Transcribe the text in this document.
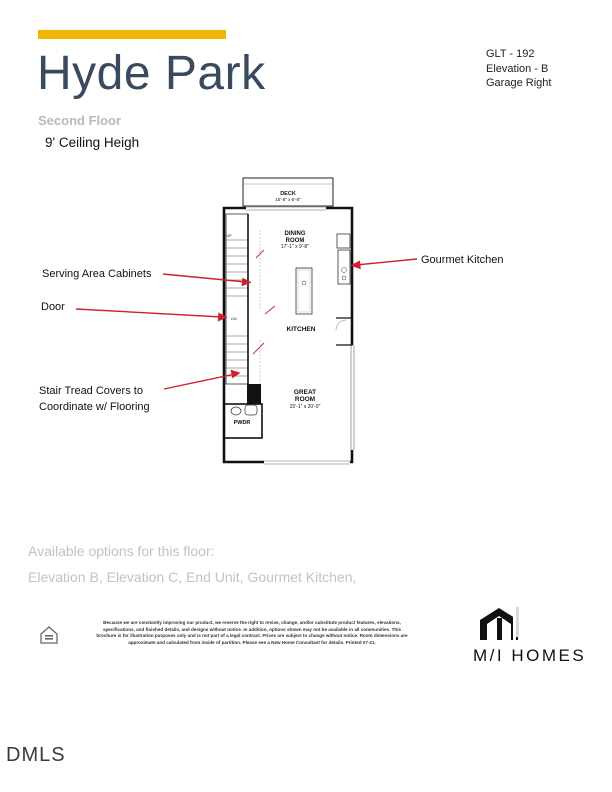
Hyde Park	GLT - 192
Elevation - B
Garage Right
Second Floor
9' Ceiling Heigh
Serving Area Cabinets
Door
Stair Tread Covers to
Coordinate w/ Flooring
Gourmet Kitchen
DECK
15'-8" x 6'-8"
DINING
ROOM
17'-1" x 9'-8"
KITCHEN
GREAT
ROOM
15'-1" x 20'-0"
PWDR
UP
DN
Available options for this floor:
Elevation B, Elevation C, End Unit, Gourmet Kitchen,
Because we are constantly improving our product, we reserve the right to revise, change, and/or substitute product features, elevations, specifications, and finished details, and designs without notice. In addition, options shown may not be available in all communities. This brochure is for illustration purposes only and is not part of a legal contract. Prices are subject to change without notice. Room dimensions are approximate and calculated from inside of partition. Please see a New Home Consultant for details. Printed 07-21.
M/I HOMES
DMLS
